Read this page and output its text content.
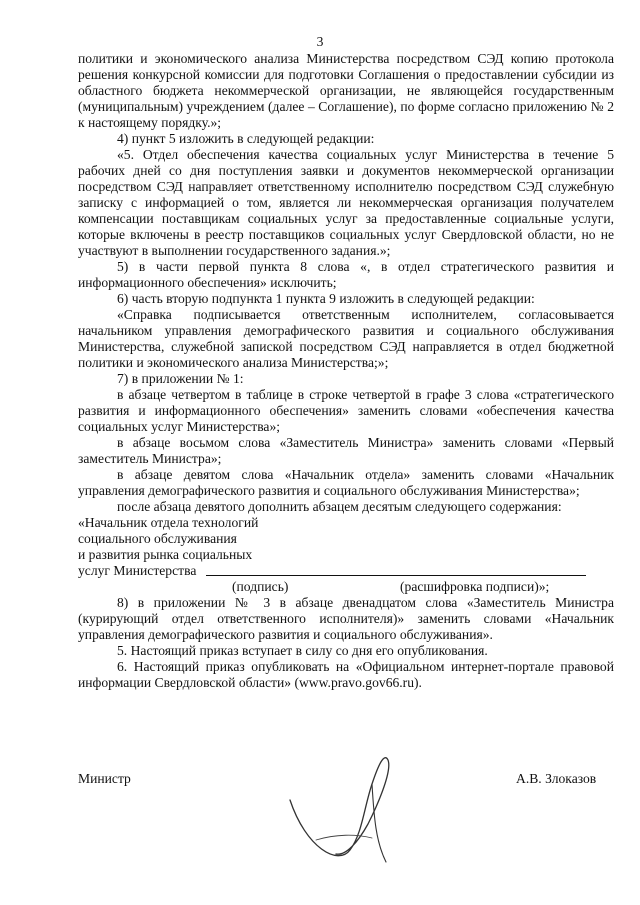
3

политики и экономического анализа Министерства посредством СЭД копию протокола решения конкурсной комиссии для подготовки Соглашения о предоставлении субсидии из областного бюджета некоммерческой организации, не являющейся государственным (муниципальным) учреждением (далее – Соглашение), по форме согласно приложению № 2 к настоящему порядку.»;

4) пункт 5 изложить в следующей редакции:

«5. Отдел обеспечения качества социальных услуг Министерства в течение 5 рабочих дней со дня поступления заявки и документов некоммерческой организации посредством СЭД направляет ответственному исполнителю посредством СЭД служебную записку с информацией о том, является ли некоммерческая организация получателем компенсации поставщикам социальных услуг за предоставленные социальные услуги, которые включены в реестр поставщиков социальных услуг Свердловской области, но не участвуют в выполнении государственного задания.»;

5) в части первой пункта 8 слова «, в отдел стратегического развития и информационного обеспечения» исключить;

6) часть вторую подпункта 1 пункта 9 изложить в следующей редакции:

«Справка подписывается ответственным исполнителем, согласовывается начальником управления демографического развития и социального обслуживания Министерства, служебной запиской посредством СЭД направляется в отдел бюджетной политики и экономического анализа Министерства;»;

7) в приложении № 1:

в абзаце четвертом в таблице в строке четвертой в графе 3 слова «стратегического развития и информационного обеспечения» заменить словами «обеспечения качества социальных услуг Министерства»;

в абзаце восьмом слова «Заместитель Министра» заменить словами «Первый заместитель Министра»;

в абзаце девятом слова «Начальник отдела» заменить словами «Начальник управления демографического развития и социального обслуживания Министерства»;

после абзаца девятого дополнить абзацем десятым следующего содержания:

«Начальник отдела технологий

социального обслуживания

и развития рынка социальных

услуг Министерства
(подпись)	(расшифровка подписи)»;

8) в приложении № 3 в абзаце двенадцатом слова «Заместитель Министра (курирующий отдел ответственного исполнителя)» заменить словами «Начальник управления демографического развития и социального обслуживания».

5. Настоящий приказ вступает в силу со дня его опубликования.

6. Настоящий приказ опубликовать на «Официальном интернет-портале правовой информации Свердловской области» (www.pravo.gov66.ru).

Министр	А.В. Злоказов
